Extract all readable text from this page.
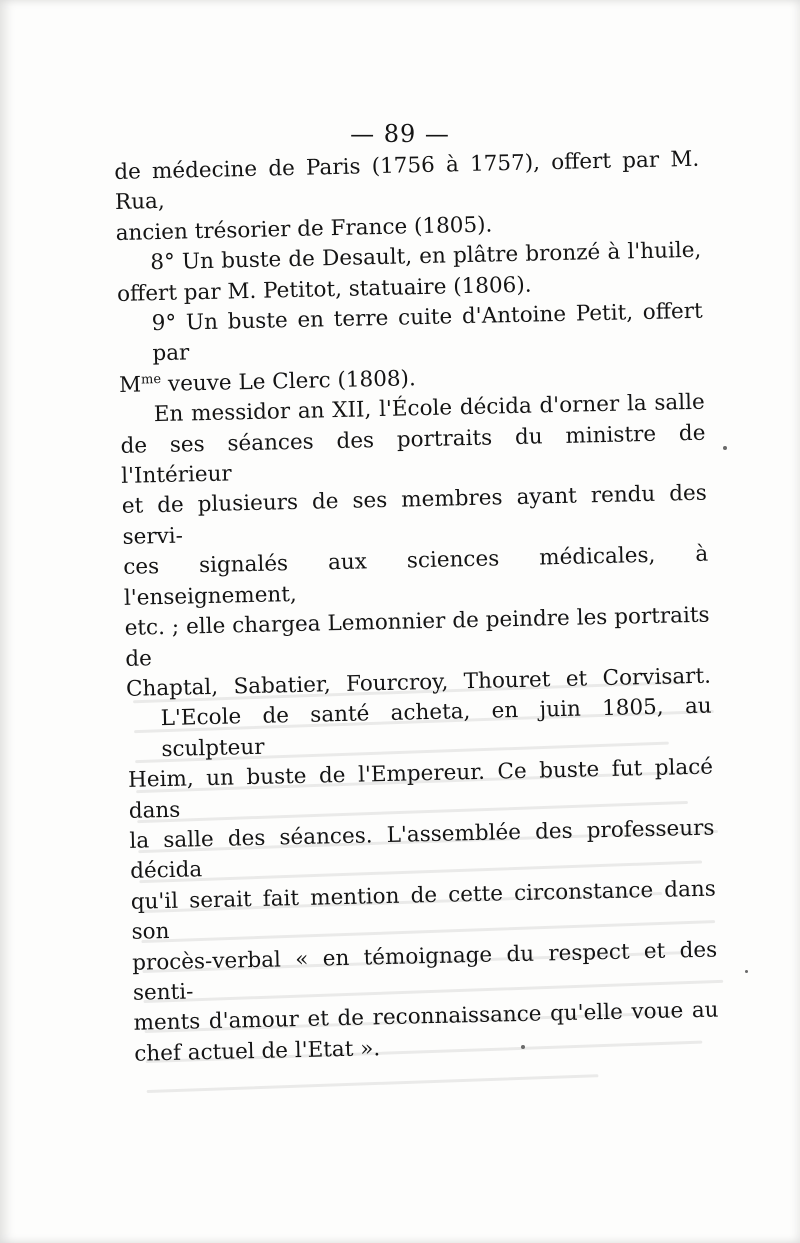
— 89 —
de médecine de Paris (1756 à 1757), offert par M. Rua,
ancien trésorier de France (1805).
8° Un buste de Desault, en plâtre bronzé à l'huile,
offert par M. Petitot, statuaire (1806).
9° Un buste en terre cuite d'Antoine Petit, offert par
$M^{me}$ veuve Le Clerc (1808).
En messidor an XII, l'École décida d'orner la salle
de ses séances des portraits du ministre de l'Intérieur
et de plusieurs de ses membres ayant rendu des servi-
ces signalés aux sciences médicales, à l'enseignement,
etc. ; elle chargea Lemonnier de peindre les portraits de
Chaptal, Sabatier, Fourcroy, Thouret et Corvisart.
L'Ecole de santé acheta, en juin 1805, au sculpteur
Heim, un buste de l'Empereur. Ce buste fut placé dans
la salle des séances. L'assemblée des professeurs décida
qu'il serait fait mention de cette circonstance dans son
procès-verbal « en témoignage du respect et des senti-
ments d'amour et de reconnaissance qu'elle voue au
chef actuel de l'Etat ».
